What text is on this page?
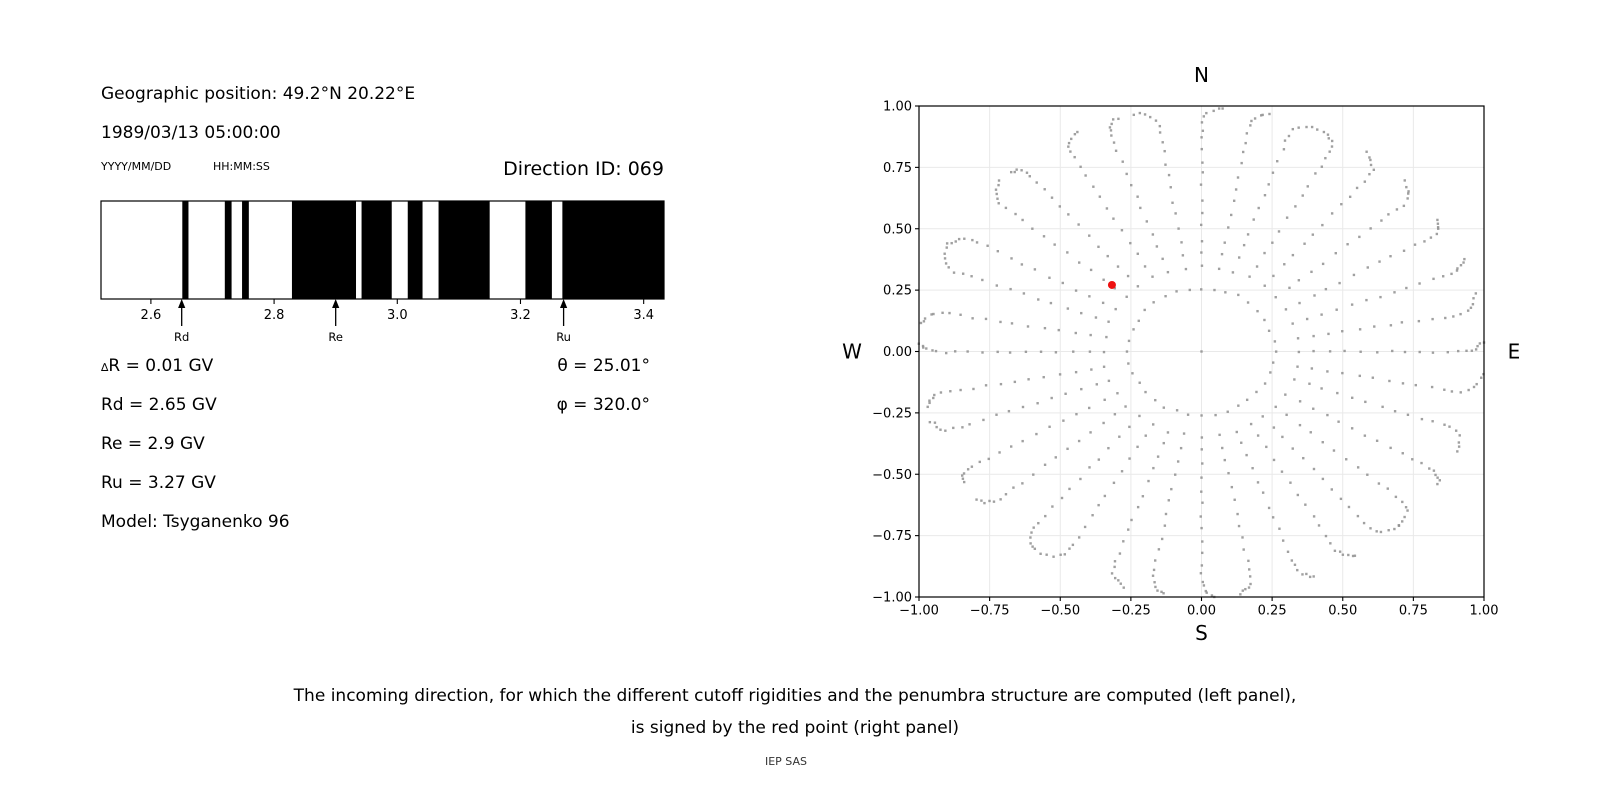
Geographic position: 49.2°N 20.22°E
1989/03/13 05:00:00
YYYY/MM/DD	HH:MM:SS	Direction ID: 069
2.6	2.8	3.0	3.2	3.4
Rd	Re	Ru
∆R = 0.01 GV
Rd = 2.65 GV
Re = 2.9 GV
Ru = 3.27 GV
Model: Tsyganenko 96
θ = 25.01°
φ = 320.0°
−1.00 −0.75 −0.50 −0.25	0.00	0.25	0.50	0.75	1.00
1.00
0.75
0.50
0.25
0.00
−0.25
−0.50
−0.75
−1.00
N
S
W	E
The incoming direction, for which the different cutoff rigidities and the penumbra structure are computed (left panel),
is signed by the red point (right panel)
IEP SAS
